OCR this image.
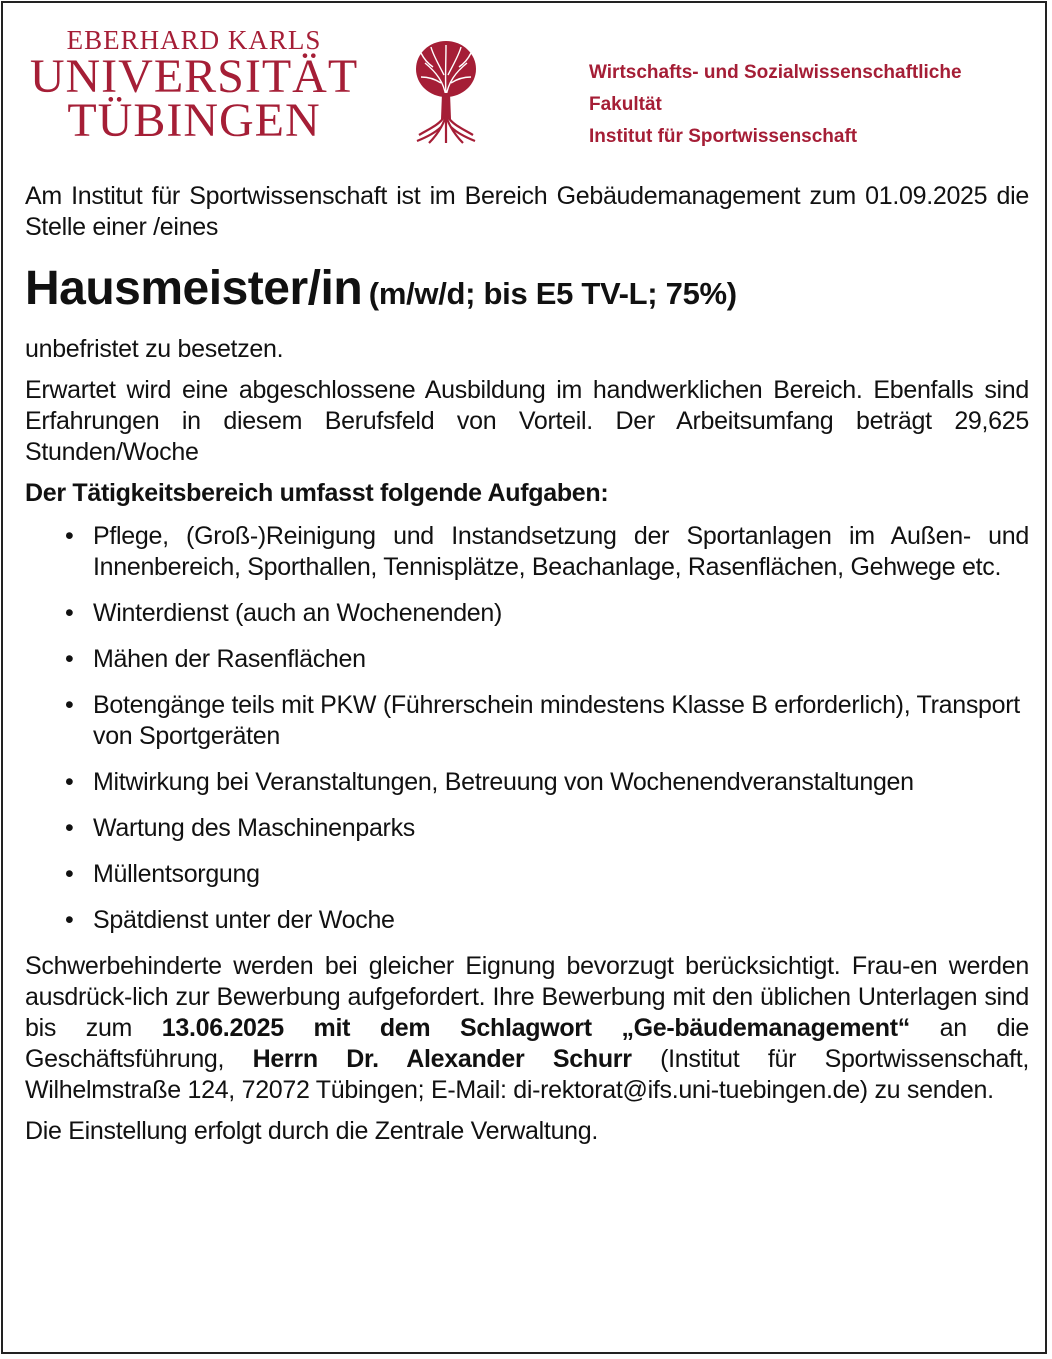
EBERHARD KARLS
UNIVERSITÄT
TÜBINGEN
Wirtschafts- und Sozialwissenschaftliche
Fakultät
Institut für Sportwissenschaft

Am Institut für Sportwissenschaft ist im Bereich Gebäudemanagement zum 01.09.2025 die Stelle einer /eines

Hausmeister/in (m/w/d; bis E5 TV-L; 75%)

unbefristet zu besetzen.

Erwartet wird eine abgeschlossene Ausbildung im handwerklichen Bereich. Ebenfalls sind Erfahrungen in diesem Berufsfeld von Vorteil. Der Arbeitsumfang beträgt 29,625 Stunden/Woche

Der Tätigkeitsbereich umfasst folgende Aufgaben:

• Pflege, (Groß-)Reinigung und Instandsetzung der Sportanlagen im Außen- und Innenbereich, Sporthallen, Tennisplätze, Beachanlage, Rasenflächen, Gehwege etc.
• Winterdienst (auch an Wochenenden)
• Mähen der Rasenflächen
• Botengänge teils mit PKW (Führerschein mindestens Klasse B erforderlich), Transport von Sportgeräten
• Mitwirkung bei Veranstaltungen, Betreuung von Wochenendveranstaltungen
• Wartung des Maschinenparks
• Müllentsorgung
• Spätdienst unter der Woche

Schwerbehinderte werden bei gleicher Eignung bevorzugt berücksichtigt. Frau-en werden ausdrück-lich zur Bewerbung aufgefordert. Ihre Bewerbung mit den üblichen Unterlagen sind bis zum 13.06.2025 mit dem Schlagwort „Ge-bäudemanagement“ an die Geschäftsführung, Herrn Dr. Alexander Schurr (Institut für Sportwissenschaft, Wilhelmstraße 124, 72072 Tübingen; E-Mail: di-rektorat@ifs.uni-tuebingen.de) zu senden.

Die Einstellung erfolgt durch die Zentrale Verwaltung.
